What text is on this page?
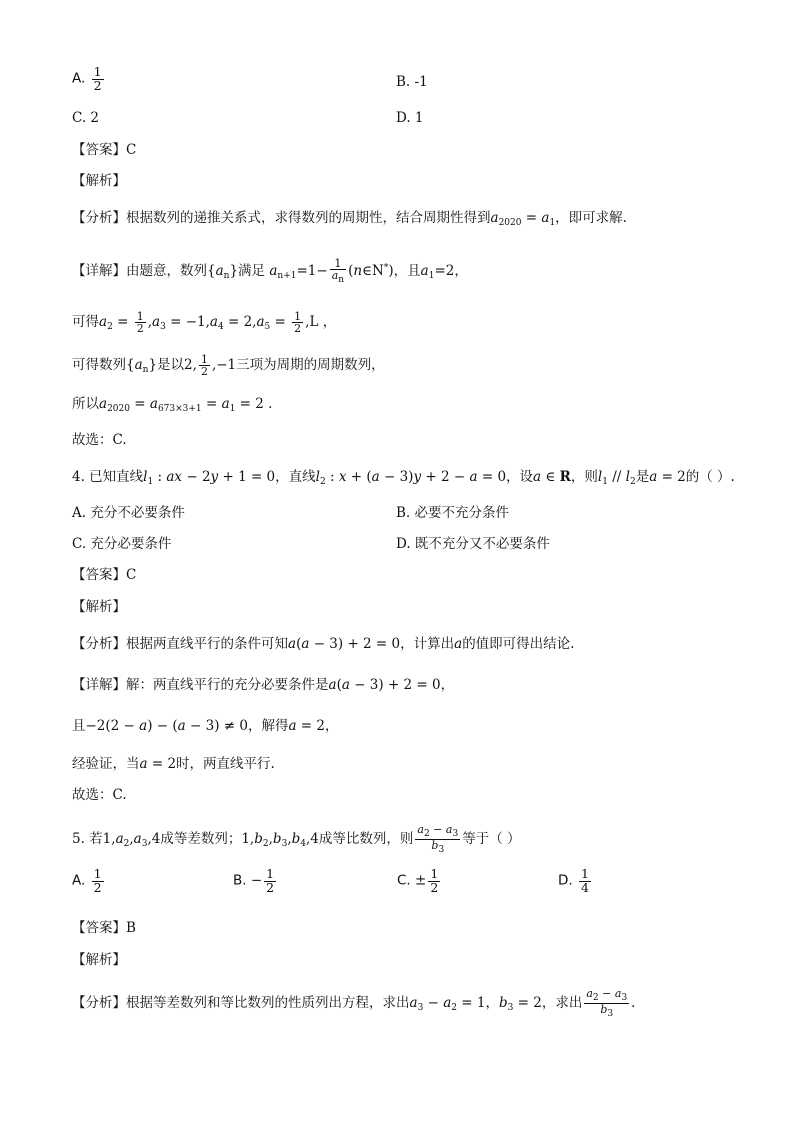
A. $\frac{1}{2}$	B. -1
C. 2	D. 1
【答案】C
【解析】
【分析】根据数列的递推关系式，求得数列的周期性，结合周期性得到$a_{2020} = a_1$，即可求解.
【详解】由题意，数列$\{a_n\}$满足 $a_{n+1}=1- \frac{1}{a_n}$ (n∈N*)，且$a_1=2$，
可得$a_2 = \frac{1}{2} ,a_3 = -1,a_4 = 2,a_5 = \frac{1}{2} ,L$ ，
可得数列$\{a_n\}$是以2, $\frac{1}{2} ,-1$三项为周期的周期数列，
所以$a_{2020} = a_{673\times 3+1} = a_1 = 2$ .
故选：C.
4. 已知直线$l_1$ : ax − 2y + 1 = 0，直线$l_2$ : x + (a − 3)y + 2 − a = 0，设a ∈ R，则$l_1 // l_2$是a = 2的（ ）.
A. 充分不必要条件	B. 必要不充分条件
C. 充分必要条件	D. 既不充分又不必要条件
【答案】C
【解析】
【分析】根据两直线平行的条件可知a(a − 3) + 2 = 0，计算出a的值即可得出结论.
【详解】解：两直线平行的充分必要条件是a(a − 3) + 2 = 0，
且−2(2 − a) − (a − 3) ≠ 0，解得a = 2，
经验证，当a = 2时，两直线平行.
故选：C.
5. 若$1,a_2,a_3,4$成等差数列；$1,b_2,b_3,b_4,4$成等比数列，则 $\frac{a_2 - a_3}{b_3}$ 等于（ ）
A. $\frac{1}{2}$	B. − $\frac{1}{2}$	C. ± $\frac{1}{2}$	D. $\frac{1}{4}$
【答案】B
【解析】
【分析】根据等差数列和等比数列的性质列出方程，求出$a_3 - a_2 = 1$，$b_3 = 2$，求出 $\frac{a_2 - a_3}{b_3}$ .
